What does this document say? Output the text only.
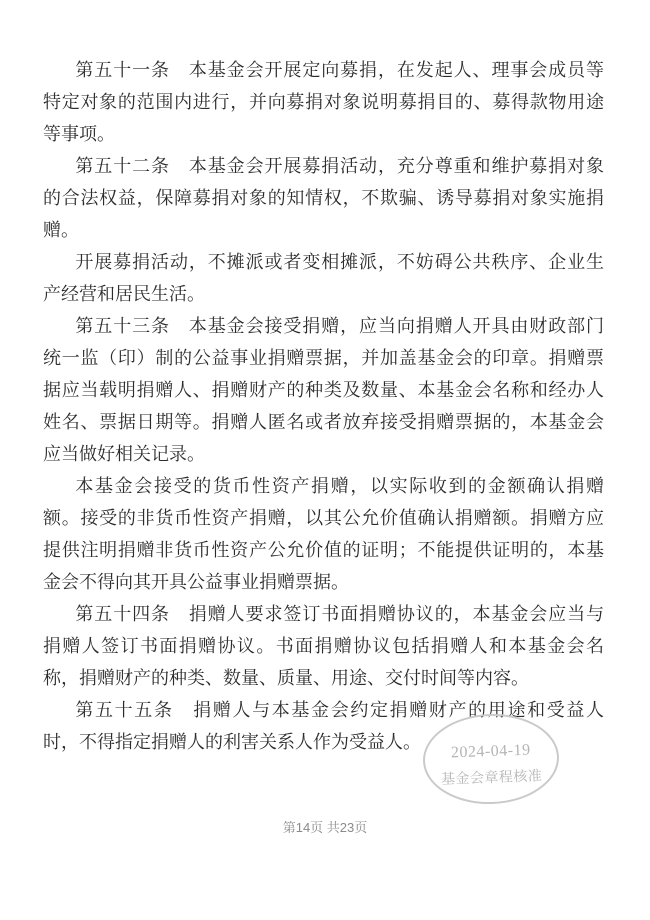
第五十一条　本基金会开展定向募捐，在发起人、理事会成员等
特定对象的范围内进行，并向募捐对象说明募捐目的、募得款物用途
等事项。
第五十二条　本基金会开展募捐活动，充分尊重和维护募捐对象
的合法权益，保障募捐对象的知情权，不欺骗、诱导募捐对象实施捐
赠。
开展募捐活动，不摊派或者变相摊派，不妨碍公共秩序、企业生
产经营和居民生活。
第五十三条　本基金会接受捐赠，应当向捐赠人开具由财政部门
统一监（印）制的公益事业捐赠票据，并加盖基金会的印章。捐赠票
据应当载明捐赠人、捐赠财产的种类及数量、本基金会名称和经办人
姓名、票据日期等。捐赠人匿名或者放弃接受捐赠票据的，本基金会
应当做好相关记录。
本基金会接受的货币性资产捐赠，以实际收到的金额确认捐赠
额。接受的非货币性资产捐赠，以其公允价值确认捐赠额。捐赠方应
提供注明捐赠非货币性资产公允价值的证明；不能提供证明的，本基
金会不得向其开具公益事业捐赠票据。
第五十四条　捐赠人要求签订书面捐赠协议的，本基金会应当与
捐赠人签订书面捐赠协议。书面捐赠协议包括捐赠人和本基金会名
称，捐赠财产的种类、数量、质量、用途、交付时间等内容。
第五十五条　捐赠人与本基金会约定捐赠财产的用途和受益人
时，不得指定捐赠人的利害关系人作为受益人。	2024-04-19
基金会章程核准
第14页 共23页
